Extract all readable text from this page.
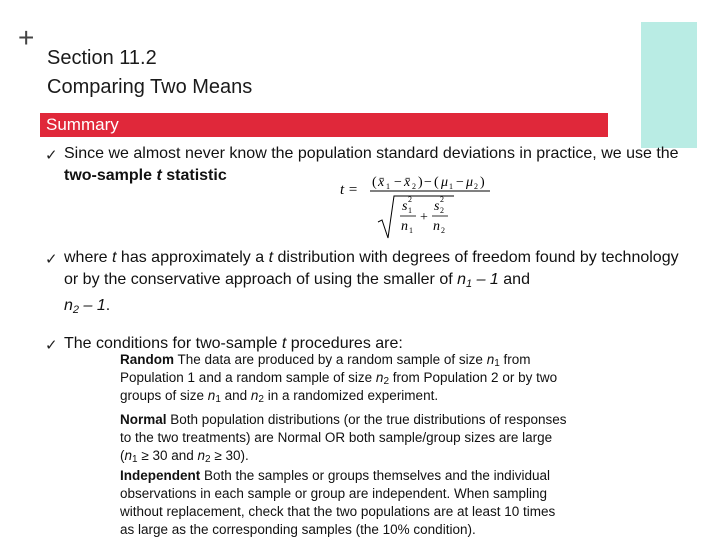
+
Section 11.2
Comparing Two Means
Summary
✓ Since we almost never know the population standard deviations in practice, we use the two-sample t statistic
t = ( x̄ 1 − x̄ 2 ) − ( μ 1 − μ 2 )
s 2
1
n 1
+
s 2
2
n 2
✓ where t has approximately a t distribution with degrees of freedom found by technology or by the conservative approach of using the smaller of $n_1 - 1$ and
$n_2 - 1$.
✓ The conditions for two-sample t procedures are:
Random The data are produced by a random sample of size n1 from
Population 1 and a random sample of size n2 from Population 2 or by two
groups of size n1 and n2 in a randomized experiment.
Normal Both population distributions (or the true distributions of responses
to the two treatments) are Normal OR both sample/group sizes are large
(n1 ≥ 30 and n2 ≥ 30).
Independent Both the samples or groups themselves and the individual
observations in each sample or group are independent. When sampling
without replacement, check that the two populations are at least 10 times
as large as the corresponding samples (the 10% condition).
